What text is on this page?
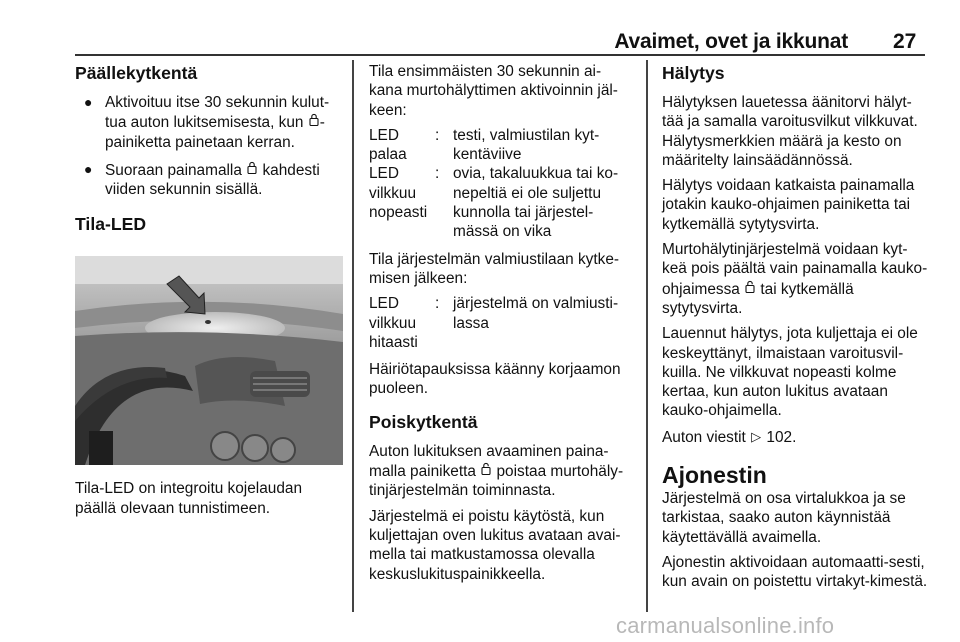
Avaimet, ovet ja ikkunat 27
Päällekytkentä
● Aktivoituu itse 30 sekunnin kulut-tua auton lukitsemisesta, kun -painiketta painetaan kerran.
● Suoraan painamalla  kahdesti viiden sekunnin sisällä.
Tila-LED

Tila-LED on integroitu kojelaudan päällä olevaan tunnistimeen.

Tila ensimmäisten 30 sekunnin ai-kana murtohälyttimen aktivoinnin jäl-keen:

LED palaa
: testi, valmiustilan kyt-kentäviive
LED vilkkuu nopeasti
: ovia, takaluukkua tai ko-nepeltiä ei ole suljettu kunnolla tai järjestel-mässä on vika

Tila järjestelmän valmiustilaan kytke-misen jälkeen:

LED vilkkuu hitaasti
: järjestelmä on valmiusti-lassa

Häiriötapauksissa käänny korjaamon puoleen.

Poiskytkentä

Auton lukituksen avaaminen paina-malla painiketta  poistaa murtohäly-tinjärjestelmän toiminnasta.

Järjestelmä ei poistu käytöstä, kun kuljettajan oven lukitus avataan avai-mella tai matkustamossa olevalla keskuslukituspainikkeella.

Hälytys

Hälytyksen lauetessa äänitorvi hälyt-tää ja samalla varoitusvilkut vilkkuvat. Hälytysmerkkien määrä ja kesto on määritelty lainsäädännössä.

Hälytys voidaan katkaista painamalla jotakin kauko-ohjaimen painiketta tai kytkemällä sytytysvirta.

Murtohälytinjärjestelmä voidaan kyt-keä pois päältä vain painamalla kauko-ohjaimessa  tai kytkemällä sytytysvirta.

Lauennut hälytys, jota kuljettaja ei ole keskeyttänyt, ilmaistaan varoitusvil-kuilla. Ne vilkkuvat nopeasti kolme kertaa, kun auton lukitus avataan kauko-ohjaimella.

Auton viestit ▷ 102.

Ajonestin

Järjestelmä on osa virtalukkoa ja se tarkistaa, saako auton käynnistää käytettävällä avaimella.

Ajonestin aktivoidaan automaatti-sesti, kun avain on poistettu virtakyt-kimestä.

carmanualsonline.info
